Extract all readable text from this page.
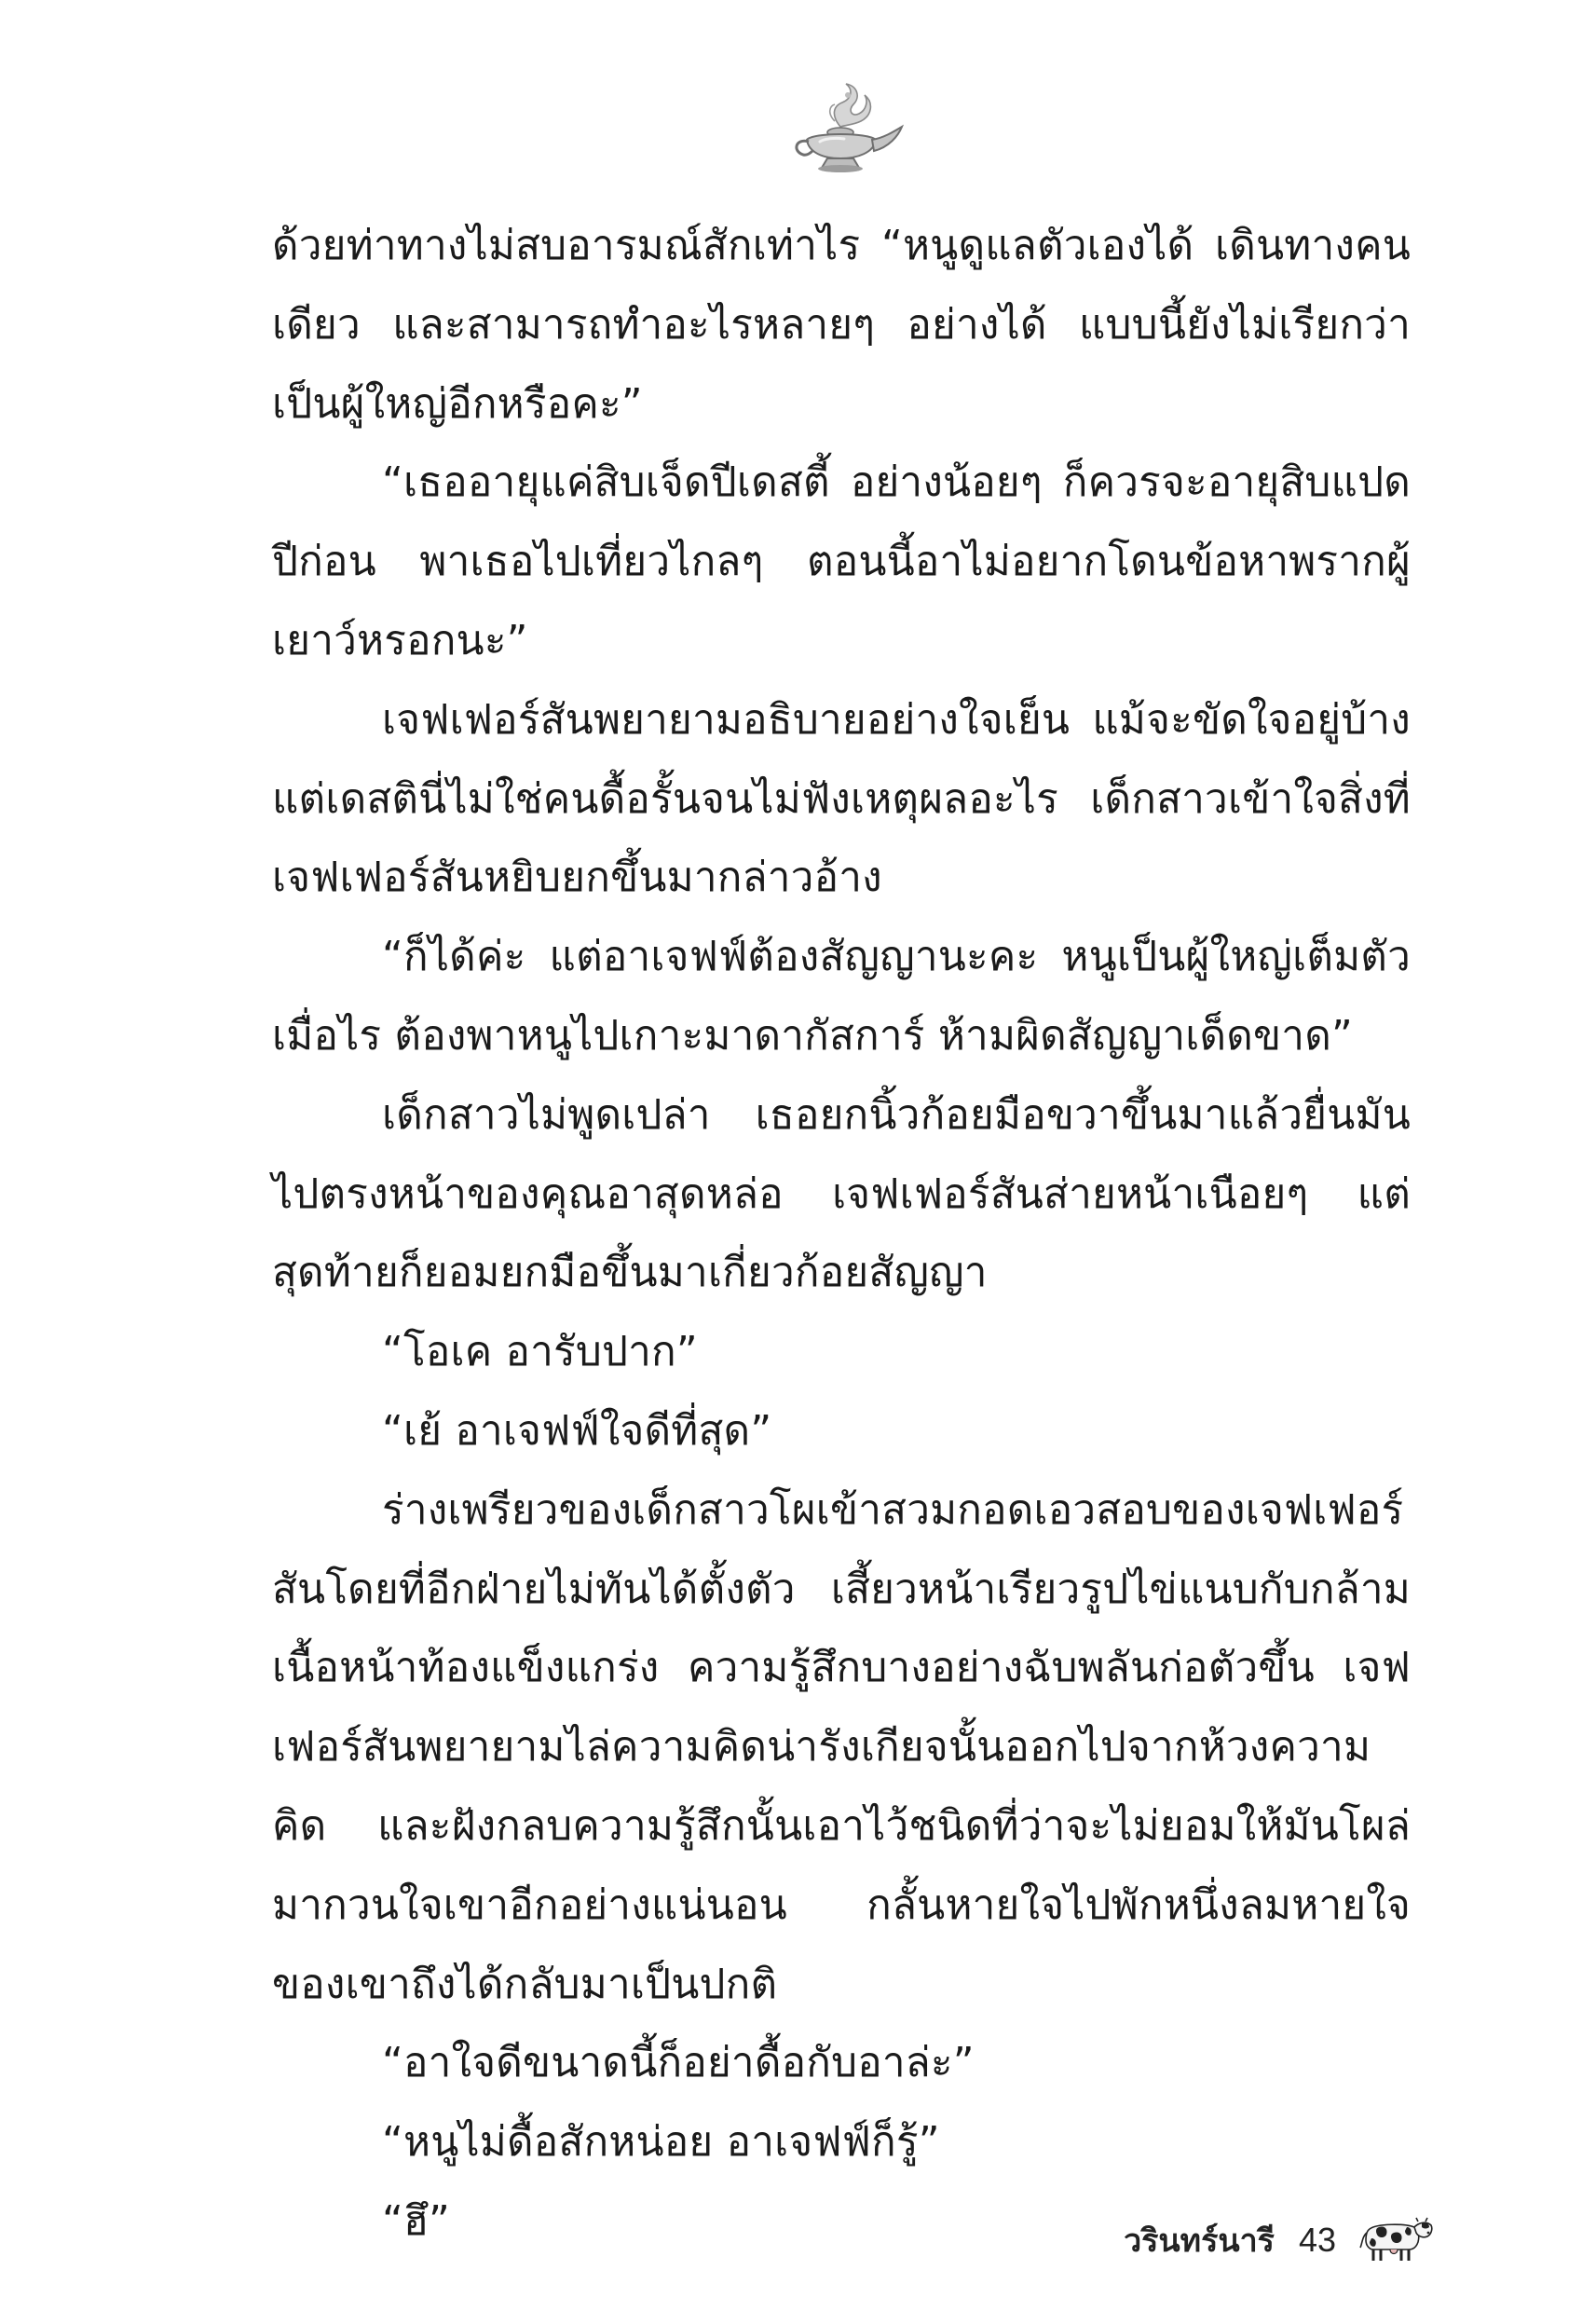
ด้วยท่าทางไม่สบอารมณ์สักเท่าไร “หนูดูแลตัวเองได้ เดินทางคนเดียว และสามารถทำอะไรหลายๆ อย่างได้ แบบนี้ยังไม่เรียกว่าเป็นผู้ใหญ่อีกหรือคะ”

“เธออายุแค่สิบเจ็ดปีเดสตี้ อย่างน้อยๆ ก็ควรจะอายุสิบแปดปีก่อน พาเธอไปเที่ยวไกลๆ ตอนนี้อาไม่อยากโดนข้อหาพรากผู้เยาว์หรอกนะ”

เจฟเฟอร์สันพยายามอธิบายอย่างใจเย็น แม้จะขัดใจอยู่บ้างแต่เดสตินี่ไม่ใช่คนดื้อรั้นจนไม่ฟังเหตุผลอะไร เด็กสาวเข้าใจสิ่งที่เจฟเฟอร์สันหยิบยกขึ้นมากล่าวอ้าง

“ก็ได้ค่ะ แต่อาเจฟฟ์ต้องสัญญานะคะ หนูเป็นผู้ใหญ่เต็มตัวเมื่อไร ต้องพาหนูไปเกาะมาดากัสการ์ ห้ามผิดสัญญาเด็ดขาด”

เด็กสาวไม่พูดเปล่า เธอยกนิ้วก้อยมือขวาขึ้นมาแล้วยื่นมันไปตรงหน้าของคุณอาสุดหล่อ เจฟเฟอร์สันส่ายหน้าเนือยๆ แต่สุดท้ายก็ยอมยกมือขึ้นมาเกี่ยวก้อยสัญญา

“โอเค อารับปาก”

“เย้ อาเจฟฟ์ใจดีที่สุด”

ร่างเพรียวของเด็กสาวโผเข้าสวมกอดเอวสอบของเจฟเฟอร์สันโดยที่อีกฝ่ายไม่ทันได้ตั้งตัว เสี้ยวหน้าเรียวรูปไข่แนบกับกล้ามเนื้อหน้าท้องแข็งแกร่ง ความรู้สึกบางอย่างฉับพลันก่อตัวขึ้น เจฟเฟอร์สันพยายามไล่ความคิดน่ารังเกียจนั้นออกไปจากห้วงความคิด และฝังกลบความรู้สึกนั้นเอาไว้ชนิดที่ว่าจะไม่ยอมให้มันโผล่มากวนใจเขาอีกอย่างแน่นอน กลั้นหายใจไปพักหนึ่งลมหายใจของเขาถึงได้กลับมาเป็นปกติ

“อาใจดีขนาดนี้ก็อย่าดื้อกับอาล่ะ”

“หนูไม่ดื้อสักหน่อย อาเจฟฟ์ก็รู้”

“ฮึ”	วรินทร์นารี 43
